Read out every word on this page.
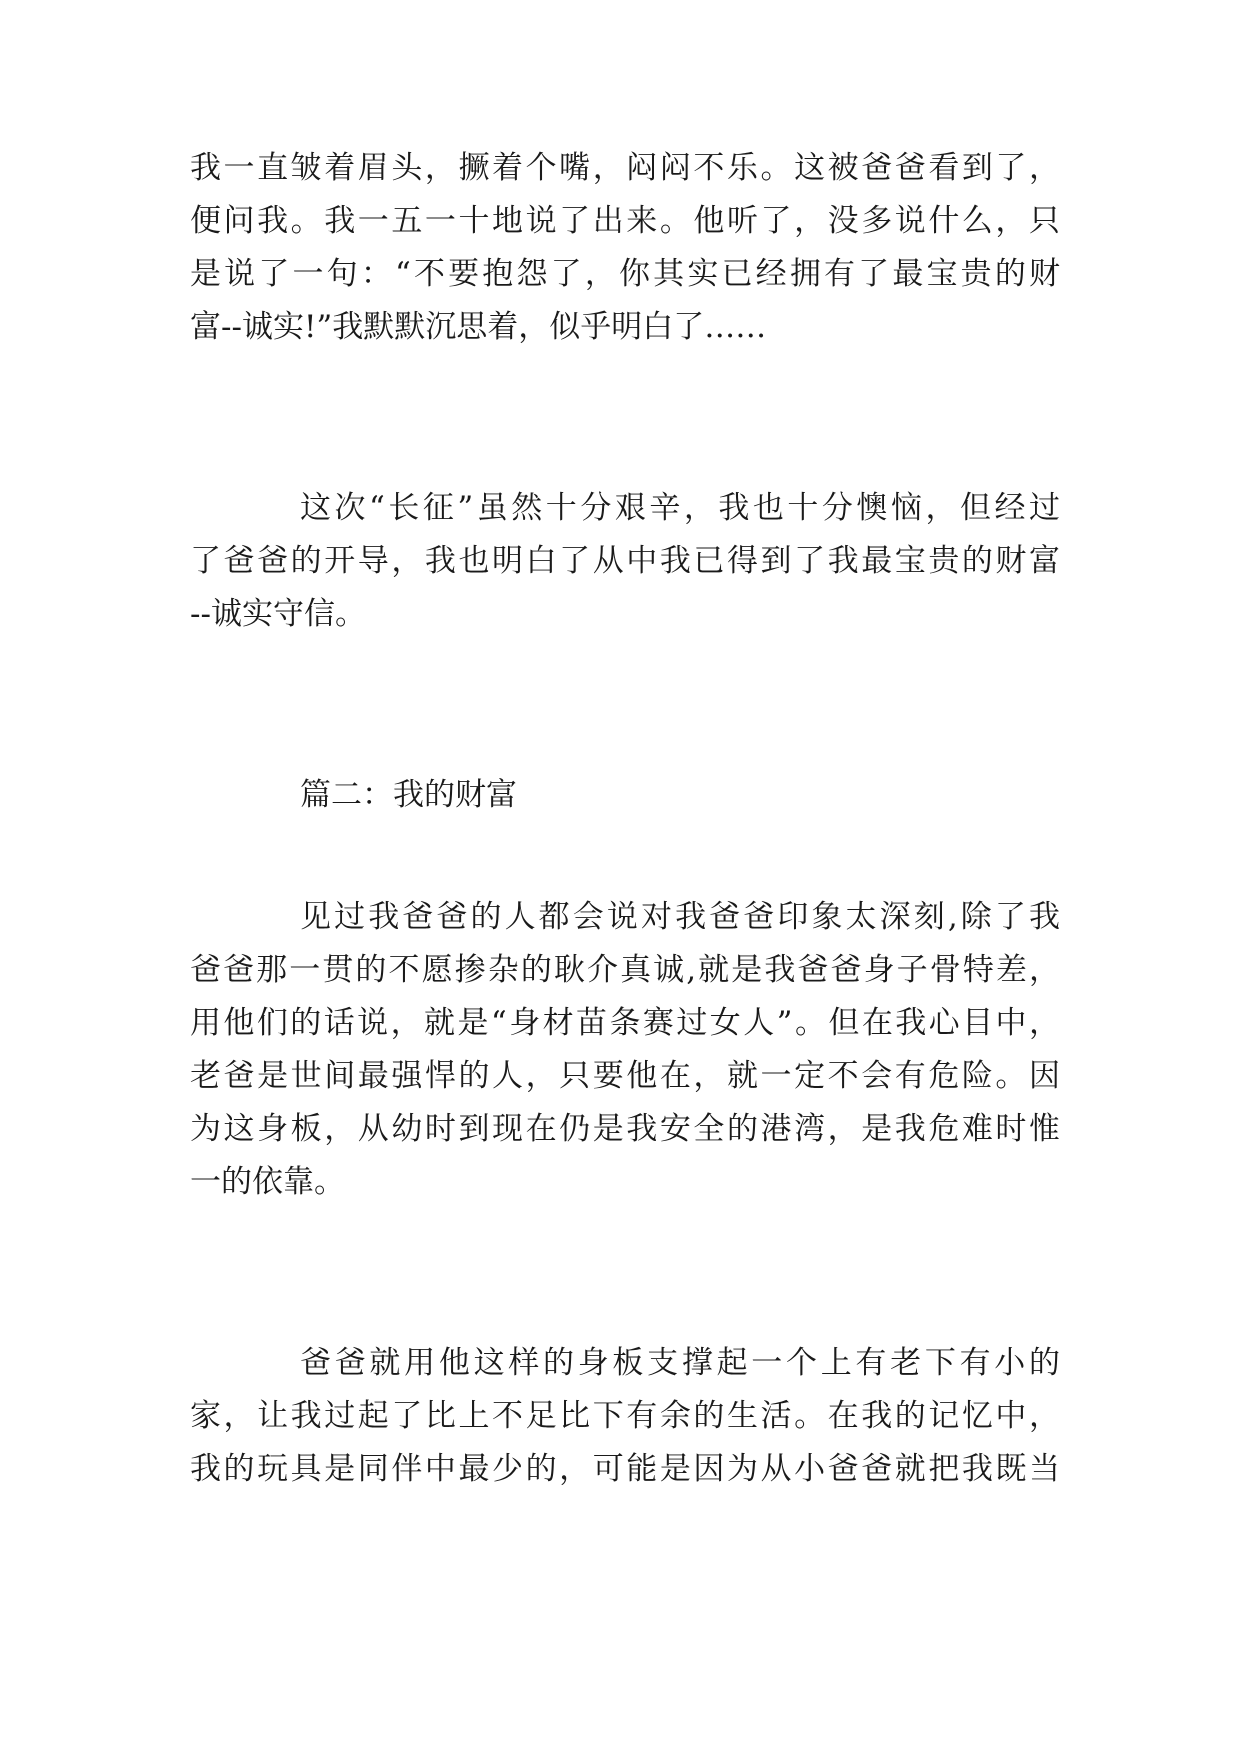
我一直皱着眉头，撅着个嘴，闷闷不乐。这被爸爸看到了，
便问我。我一五一十地说了出来。他听了，没多说什么，只
是说了一句：“不要抱怨了，你其实已经拥有了最宝贵的财
富--诚实!”我默默沉思着，似乎明白了……
这次“长征”虽然十分艰辛，我也十分懊恼，但经过
了爸爸的开导，我也明白了从中我已得到了我最宝贵的财富
--诚实守信。
篇二：我的财富
见过我爸爸的人都会说对我爸爸印象太深刻,除了我
爸爸那一贯的不愿掺杂的耿介真诚,就是我爸爸身子骨特差，
用他们的话说，就是“身材苗条赛过女人”。但在我心目中，
老爸是世间最强悍的人，只要他在，就一定不会有危险。因
为这身板，从幼时到现在仍是我安全的港湾，是我危难时惟
一的依靠。
爸爸就用他这样的身板支撑起一个上有老下有小的
家，让我过起了比上不足比下有余的生活。在我的记忆中，
我的玩具是同伴中最少的，可能是因为从小爸爸就把我既当
